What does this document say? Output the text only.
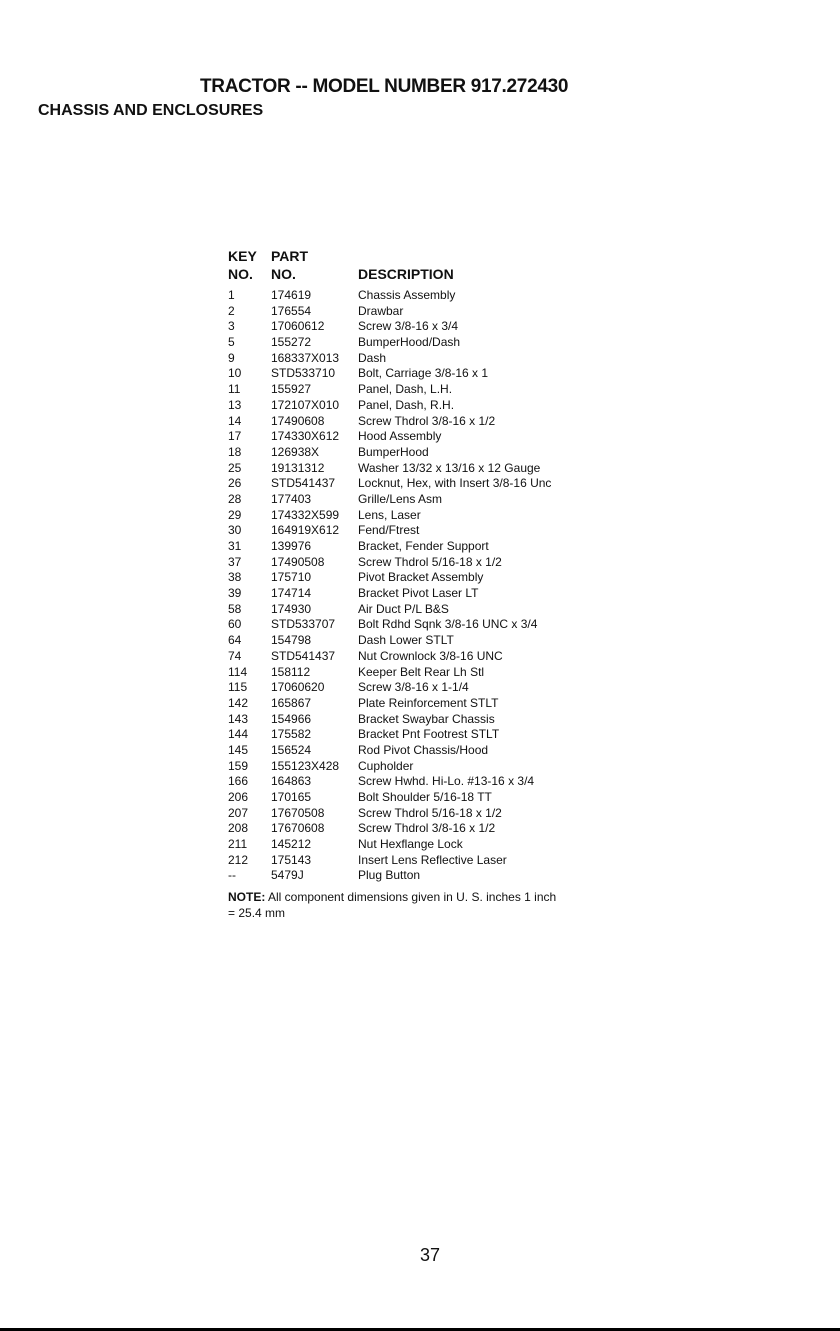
TRACTOR -- MODEL NUMBER 917.272430
CHASSIS AND ENCLOSURES
KEY PART
NO. NO.	DESCRIPTION
1	174619	Chassis Assembly
2	176554	Drawbar
3	17060612	Screw 3/8-16 x 3/4
5	155272	BumperHood/Dash
9	168337X013 Dash
10 STD533710 Bolt, Carriage 3/8-16 x 1
11	155927	Panel, Dash, L.H.
13 172107X010 Panel, Dash, R.H.
14 17490608	Screw Thdrol 3/8-16 x 1/2
17 174330X612 Hood Assembly
18 126938X	BumperHood
25 19131312	Washer 13/32 x 13/16 x 12 Gauge
26 STD541437 Locknut, Hex, with Insert 3/8-16 Unc
28 177403	Grille/Lens Asm
29 174332X599 Lens, Laser
30 164919X612 Fend/Ftrest
31 139976	Bracket, Fender Support
37 17490508	Screw Thdrol 5/16-18 x 1/2
38 175710	Pivot Bracket Assembly
39 174714	Bracket Pivot Laser LT
58 174930	Air Duct P/L B&S
60 STD533707 Bolt Rdhd Sqnk 3/8-16 UNC x 3/4
64 154798	Dash Lower STLT
74 STD541437 Nut Crownlock 3/8-16 UNC
114 158112	Keeper Belt Rear Lh Stl
115 17060620	Screw 3/8-16 x 1-1/4
142 165867	Plate Reinforcement STLT
143 154966	Bracket Swaybar Chassis
144 175582	Bracket Pnt Footrest STLT
145 156524	Rod Pivot Chassis/Hood
159 155123X428 Cupholder
166 164863	Screw Hwhd. Hi-Lo. #13-16 x 3/4
206 170165	Bolt Shoulder 5/16-18 TT
207 17670508	Screw Thdrol 5/16-18 x 1/2
208 17670608	Screw Thdrol 3/8-16 x 1/2
211 145212	Nut Hexflange Lock
212 175143	Insert Lens Reflective Laser
--	5479J	Plug Button
NOTE: All component dimensions given in U. S. inches 1 inch = 25.4 mm
37
